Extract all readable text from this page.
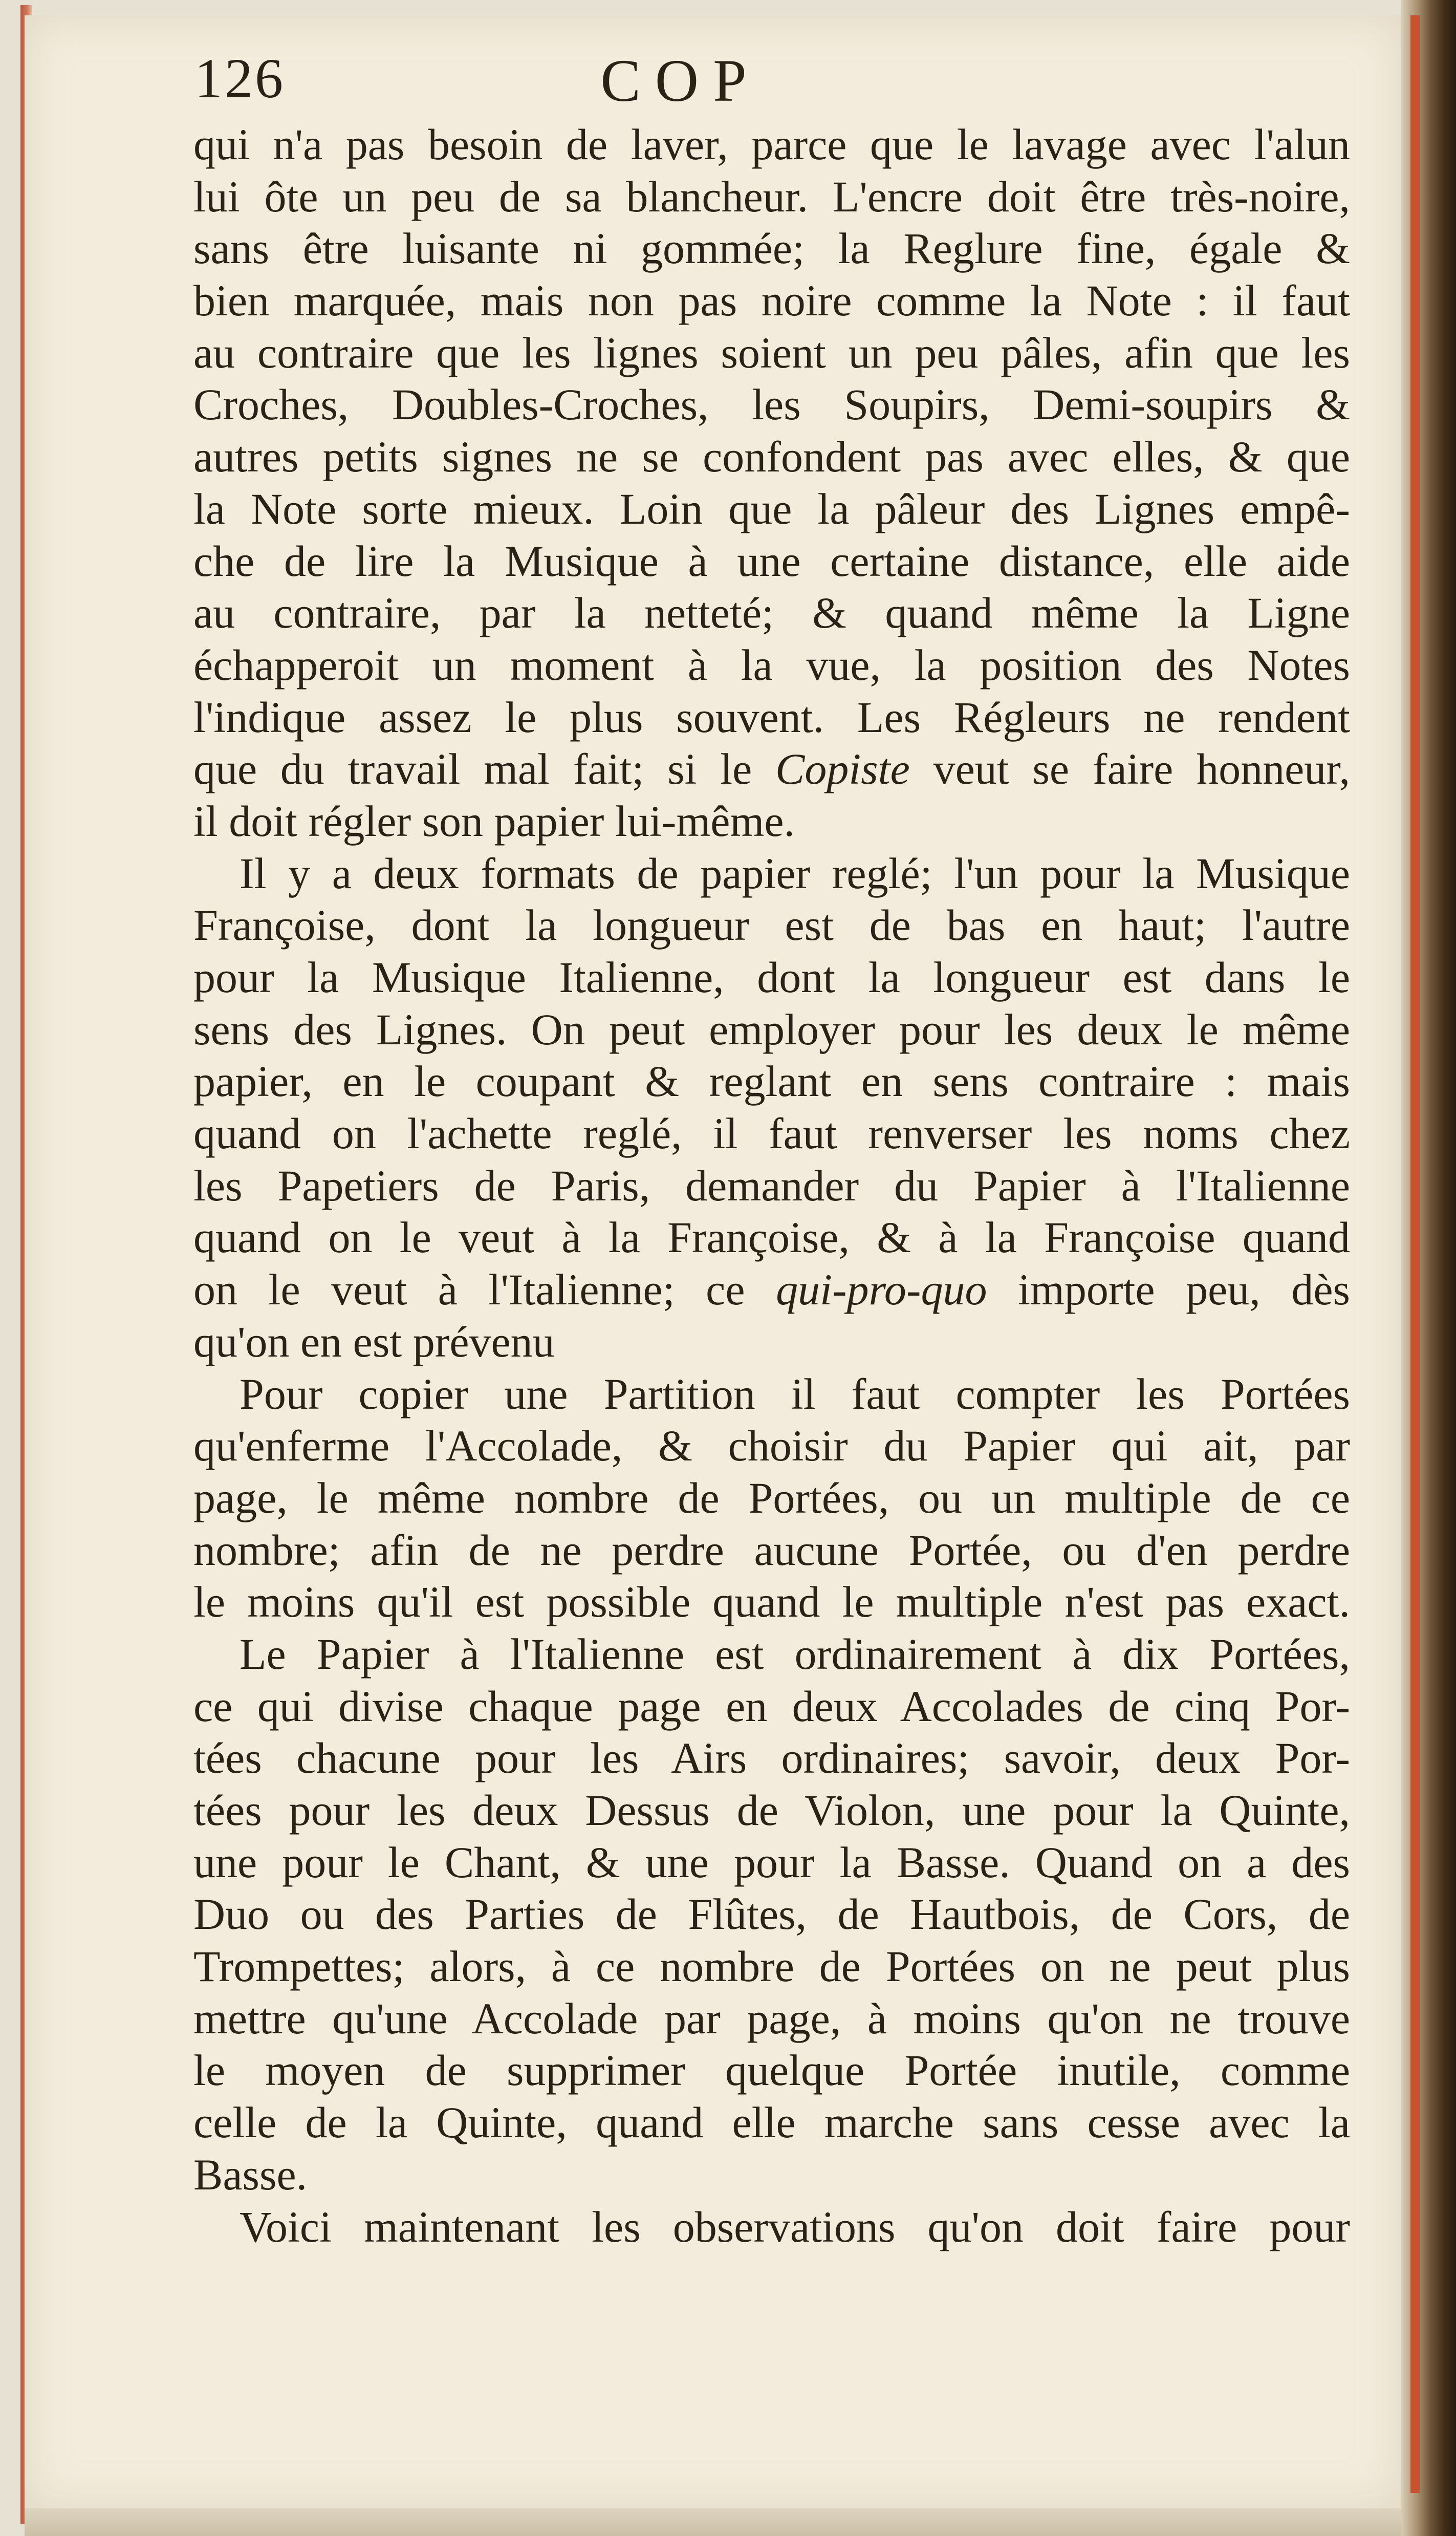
126	COP
qui n'a pas besoin de laver, parce que le lavage avec l'alun
lui ôte un peu de sa blancheur. L'encre doit être très-noire,
sans être luisante ni gommée; la Reglure fine, égale &
bien marquée, mais non pas noire comme la Note : il faut
au contraire que les lignes soient un peu pâles, afin que les
Croches, Doubles-Croches, les Soupirs, Demi-soupirs &
autres petits signes ne se confondent pas avec elles, & que
la Note sorte mieux. Loin que la pâleur des Lignes empê-
che de lire la Musique à une certaine distance, elle aide
au contraire, par la netteté; & quand même la Ligne
échapperoit un moment à la vue, la position des Notes
l'indique assez le plus souvent. Les Régleurs ne rendent
que du travail mal fait; si le Copiste veut se faire honneur,
il doit régler son papier lui-même.
Il y a deux formats de papier reglé; l'un pour la Musique
Françoise, dont la longueur est de bas en haut; l'autre
pour la Musique Italienne, dont la longueur est dans le
sens des Lignes. On peut employer pour les deux le même
papier, en le coupant & reglant en sens contraire : mais
quand on l'achette reglé, il faut renverser les noms chez
les Papetiers de Paris, demander du Papier à l'Italienne
quand on le veut à la Françoise, & à la Françoise quand
on le veut à l'Italienne; ce qui-pro-quo importe peu, dès
qu'on en est prévenu
Pour copier une Partition il faut compter les Portées
qu'enferme l'Accolade, & choisir du Papier qui ait, par
page, le même nombre de Portées, ou un multiple de ce
nombre; afin de ne perdre aucune Portée, ou d'en perdre
le moins qu'il est possible quand le multiple n'est pas exact.
Le Papier à l'Italienne est ordinairement à dix Portées,
ce qui divise chaque page en deux Accolades de cinq Por-
tées chacune pour les Airs ordinaires; savoir, deux Por-
tées pour les deux Dessus de Violon, une pour la Quinte,
une pour le Chant, & une pour la Basse. Quand on a des
Duo ou des Parties de Flûtes, de Hautbois, de Cors, de
Trompettes; alors, à ce nombre de Portées on ne peut plus
mettre qu'une Accolade par page, à moins qu'on ne trouve
le moyen de supprimer quelque Portée inutile, comme
celle de la Quinte, quand elle marche sans cesse avec la
Basse.
Voici maintenant les observations qu'on doit faire pour
